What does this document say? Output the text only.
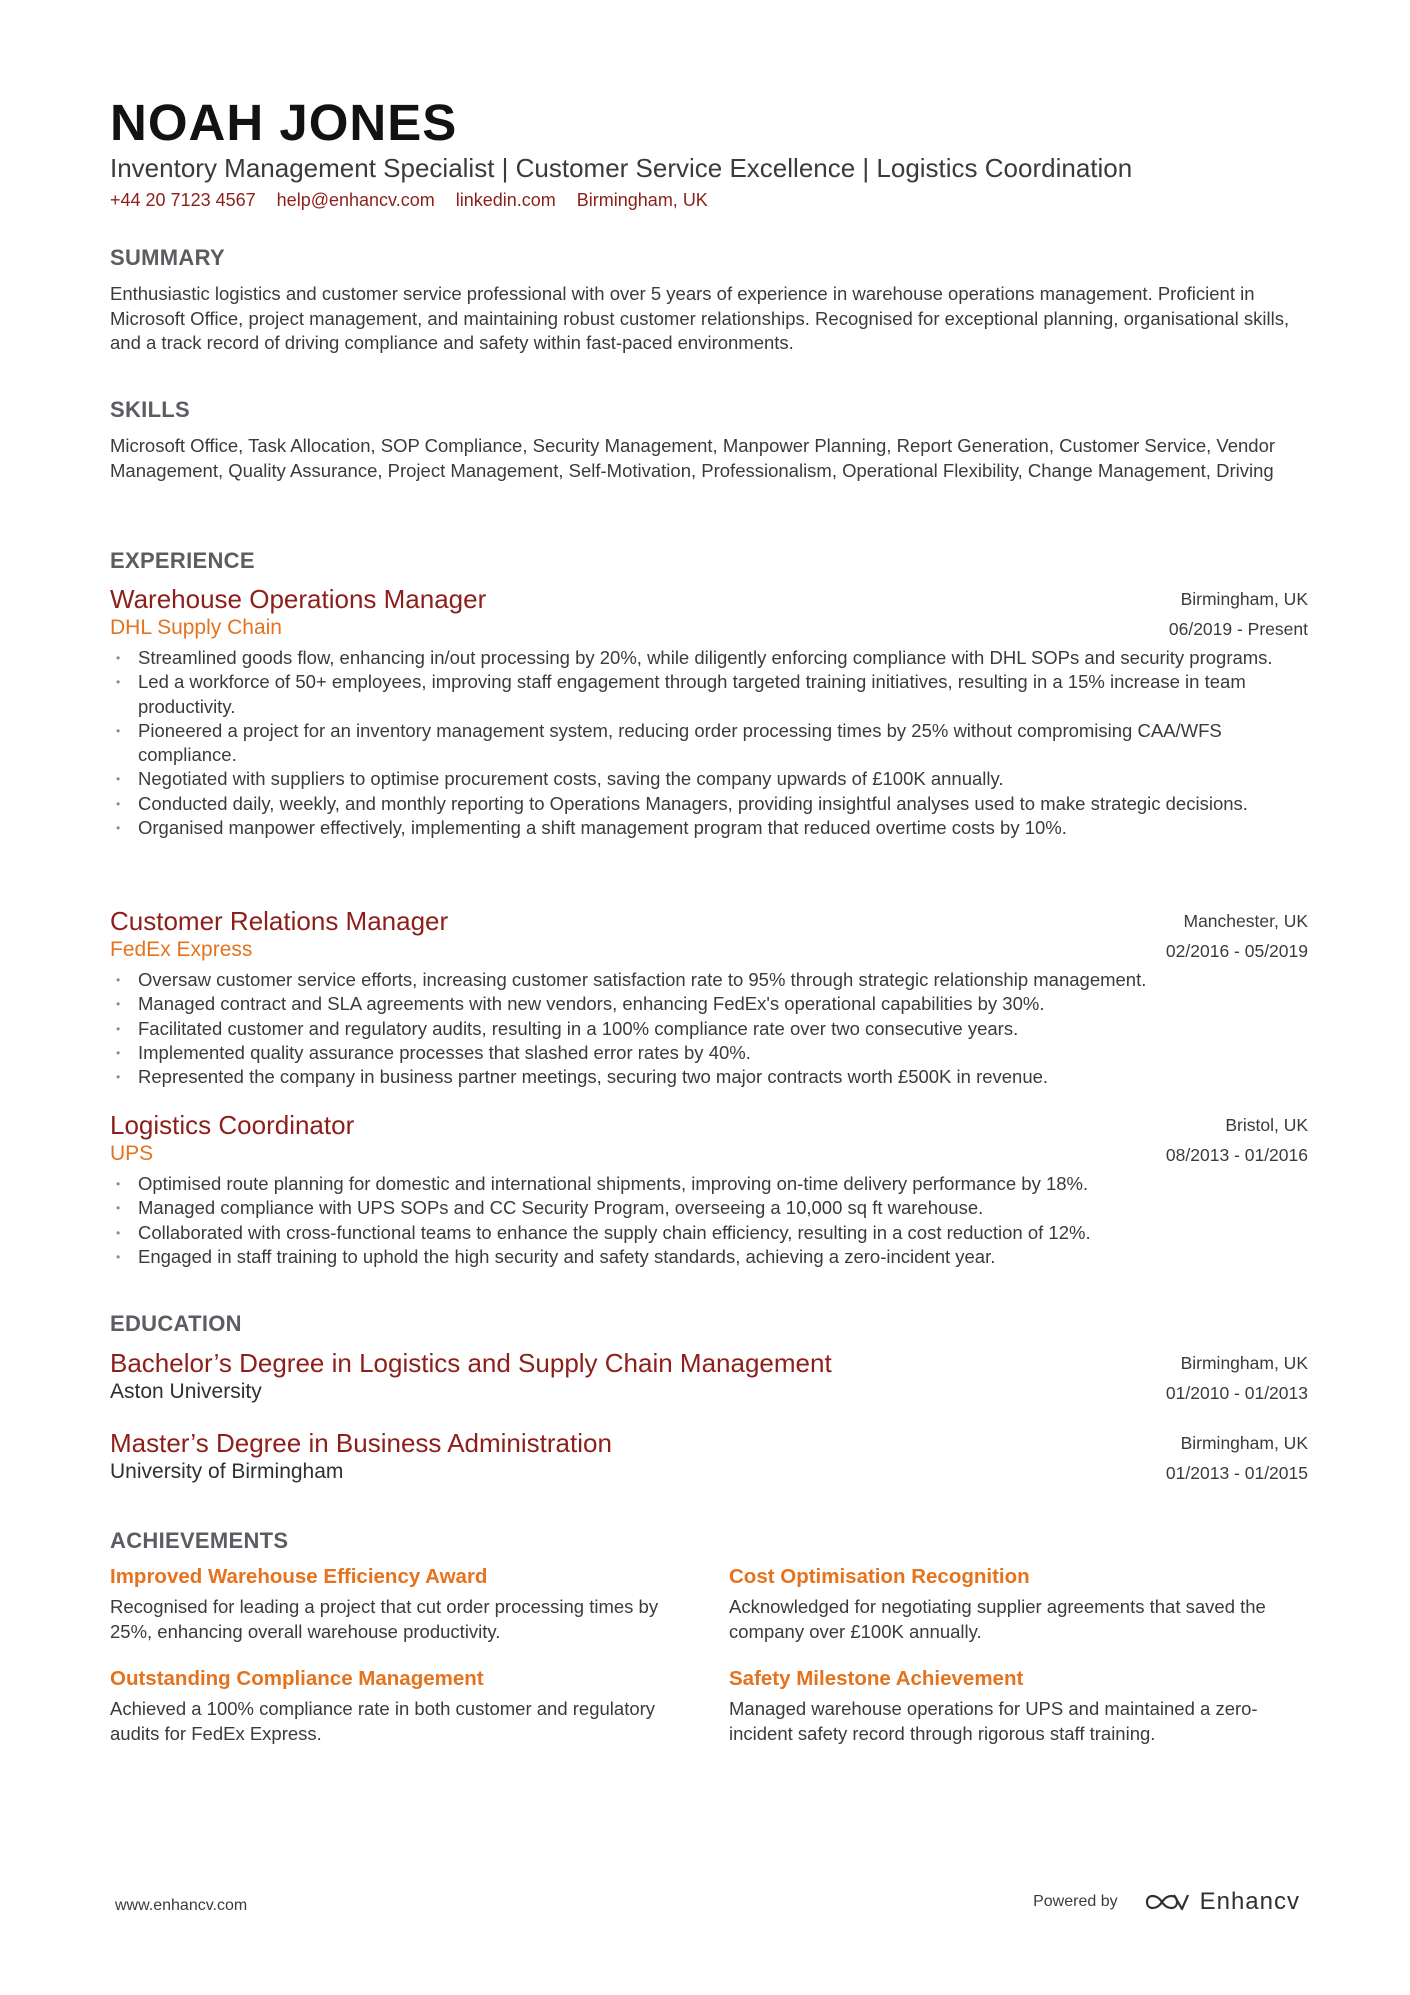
NOAH JONES
Inventory Management Specialist | Customer Service Excellence | Logistics Coordination
+44 20 7123 4567 help@enhancv.com linkedin.com Birmingham, UK
SUMMARY
Enthusiastic logistics and customer service professional with over 5 years of experience in warehouse operations management. Proficient in Microsoft Office, project management, and maintaining robust customer relationships. Recognised for exceptional planning, organisational skills, and a track record of driving compliance and safety within fast-paced environments.
SKILLS
Microsoft Office, Task Allocation, SOP Compliance, Security Management, Manpower Planning, Report Generation, Customer Service, Vendor Management, Quality Assurance, Project Management, Self-Motivation, Professionalism, Operational Flexibility, Change Management, Driving
EXPERIENCE
Warehouse Operations Manager
DHL Supply Chain
Birmingham, UK
06/2019 - Present
• Streamlined goods flow, enhancing in/out processing by 20%, while diligently enforcing compliance with DHL SOPs and security programs.
• Led a workforce of 50+ employees, improving staff engagement through targeted training initiatives, resulting in a 15% increase in team productivity.
• Pioneered a project for an inventory management system, reducing order processing times by 25% without compromising CAA/WFS compliance.
• Negotiated with suppliers to optimise procurement costs, saving the company upwards of £100K annually.
• Conducted daily, weekly, and monthly reporting to Operations Managers, providing insightful analyses used to make strategic decisions.
• Organised manpower effectively, implementing a shift management program that reduced overtime costs by 10%.
Customer Relations Manager
FedEx Express
Manchester, UK
02/2016 - 05/2019
• Oversaw customer service efforts, increasing customer satisfaction rate to 95% through strategic relationship management.
• Managed contract and SLA agreements with new vendors, enhancing FedEx's operational capabilities by 30%.
• Facilitated customer and regulatory audits, resulting in a 100% compliance rate over two consecutive years.
• Implemented quality assurance processes that slashed error rates by 40%.
• Represented the company in business partner meetings, securing two major contracts worth £500K in revenue.
Logistics Coordinator
UPS
Bristol, UK
08/2013 - 01/2016
• Optimised route planning for domestic and international shipments, improving on-time delivery performance by 18%.
• Managed compliance with UPS SOPs and CC Security Program, overseeing a 10,000 sq ft warehouse.
• Collaborated with cross-functional teams to enhance the supply chain efficiency, resulting in a cost reduction of 12%.
• Engaged in staff training to uphold the high security and safety standards, achieving a zero-incident year.
EDUCATION
Bachelor’s Degree in Logistics and Supply Chain Management
Aston University
Birmingham, UK
01/2010 - 01/2013
Master’s Degree in Business Administration
University of Birmingham
Birmingham, UK
01/2013 - 01/2015
ACHIEVEMENTS
Improved Warehouse Efficiency Award
Recognised for leading a project that cut order processing times by 25%, enhancing overall warehouse productivity.
Cost Optimisation Recognition
Acknowledged for negotiating supplier agreements that saved the company over £100K annually.
Outstanding Compliance Management
Achieved a 100% compliance rate in both customer and regulatory audits for FedEx Express.
Safety Milestone Achievement
Managed warehouse operations for UPS and maintained a zero-incident safety record through rigorous staff training.
www.enhancv.com	Powered by	Enhancv
